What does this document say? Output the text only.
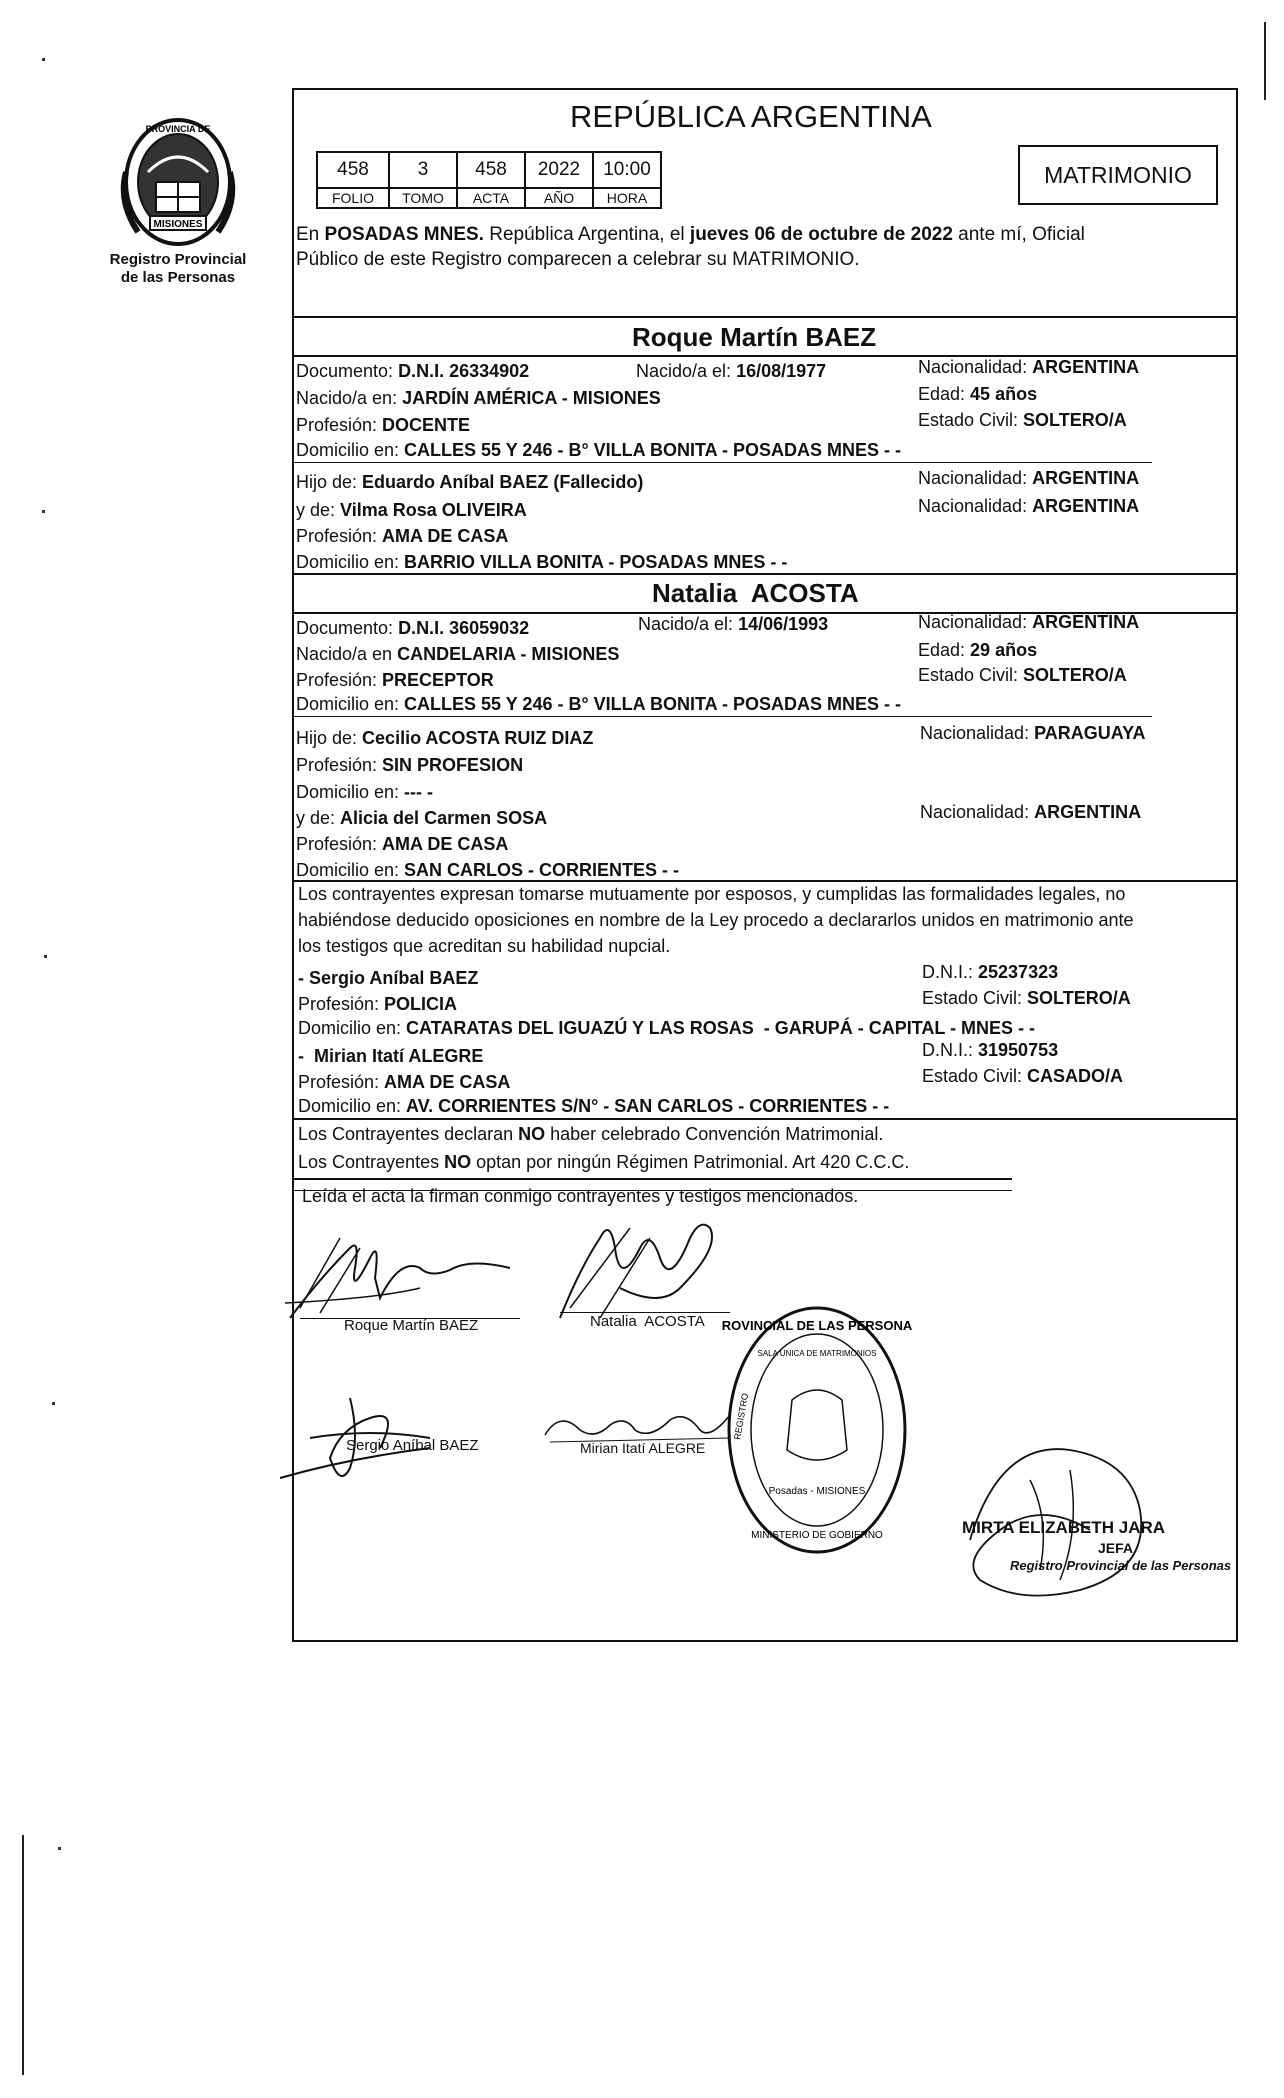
MISIONES
PROVINCIA DE
Registro Provincial
de las Personas
REPÚBLICA ARGENTINA
458	3	458	2022	10:00
FOLIO	TOMO	ACTA	AÑO	HORA
MATRIMONIO
En POSADAS MNES. República Argentina, el jueves 06 de octubre de 2022 ante mí, Oficial
Público de este Registro comparecen a celebrar su MATRIMONIO.
Roque Martín BAEZ
Documento: D.N.I. 26334902	Nacido/a el: 16/08/1977	Nacionalidad: ARGENTINA
Nacido/a en: JARDÍN AMÉRICA - MISIONES	Edad: 45 años
Profesión: DOCENTE	Estado Civil: SOLTERO/A
Domicilio en: CALLES 55 Y 246 - B° VILLA BONITA - POSADAS MNES - -
Hijo de: Eduardo Aníbal BAEZ (Fallecido)	Nacionalidad: ARGENTINA
y de: Vilma Rosa OLIVEIRA	Nacionalidad: ARGENTINA
Profesión: AMA DE CASA
Domicilio en: BARRIO VILLA BONITA - POSADAS MNES - -
Natalia  ACOSTA
Documento: D.N.I. 36059032	Nacido/a el: 14/06/1993	Nacionalidad: ARGENTINA
Nacido/a en CANDELARIA - MISIONES	Edad: 29 años
Profesión: PRECEPTOR	Estado Civil: SOLTERO/A
Domicilio en: CALLES 55 Y 246 - B° VILLA BONITA - POSADAS MNES - -
Hijo de: Cecilio ACOSTA RUIZ DIAZ	Nacionalidad: PARAGUAYA
Profesión: SIN PROFESION
Domicilio en: --- -
y de: Alicia del Carmen SOSA	Nacionalidad: ARGENTINA
Profesión: AMA DE CASA
Domicilio en: SAN CARLOS - CORRIENTES - -
Los contrayentes expresan tomarse mutuamente por esposos, y cumplidas las formalidades legales, no
habiéndose deducido oposiciones en nombre de la Ley procedo a declararlos unidos en matrimonio ante
los testigos que acreditan su habilidad nupcial.
- Sergio Aníbal BAEZ	D.N.I.: 25237323
Profesión: POLICIA	Estado Civil: SOLTERO/A
Domicilio en: CATARATAS DEL IGUAZÚ Y LAS ROSAS  - GARUPÁ - CAPITAL - MNES - -
-  Mirian Itatí ALEGRE	D.N.I.: 31950753
Profesión: AMA DE CASA	Estado Civil: CASADO/A
Domicilio en: AV. CORRIENTES S/N° - SAN CARLOS - CORRIENTES - -
Los Contrayentes declaran NO haber celebrado Convención Matrimonial.
Los Contrayentes NO optan por ningún Régimen Patrimonial. Art 420 C.C.C.
Leída el acta la firman conmigo contrayentes y testigos mencionados.
Roque Martín BAEZ	Natalia  ACOSTA
Sergio Aníbal BAEZ	Mirian Itatí ALEGRE
PROVINCIAL DE LAS PERSONAS
SALA UNICA DE MATRIMONIOS
REGISTRO
MINISTERIO DE GOBIERNO
Posadas - MISIONES
MIRTA ELIZABETH JARA
JEFA
Registro Provincial de las Personas
